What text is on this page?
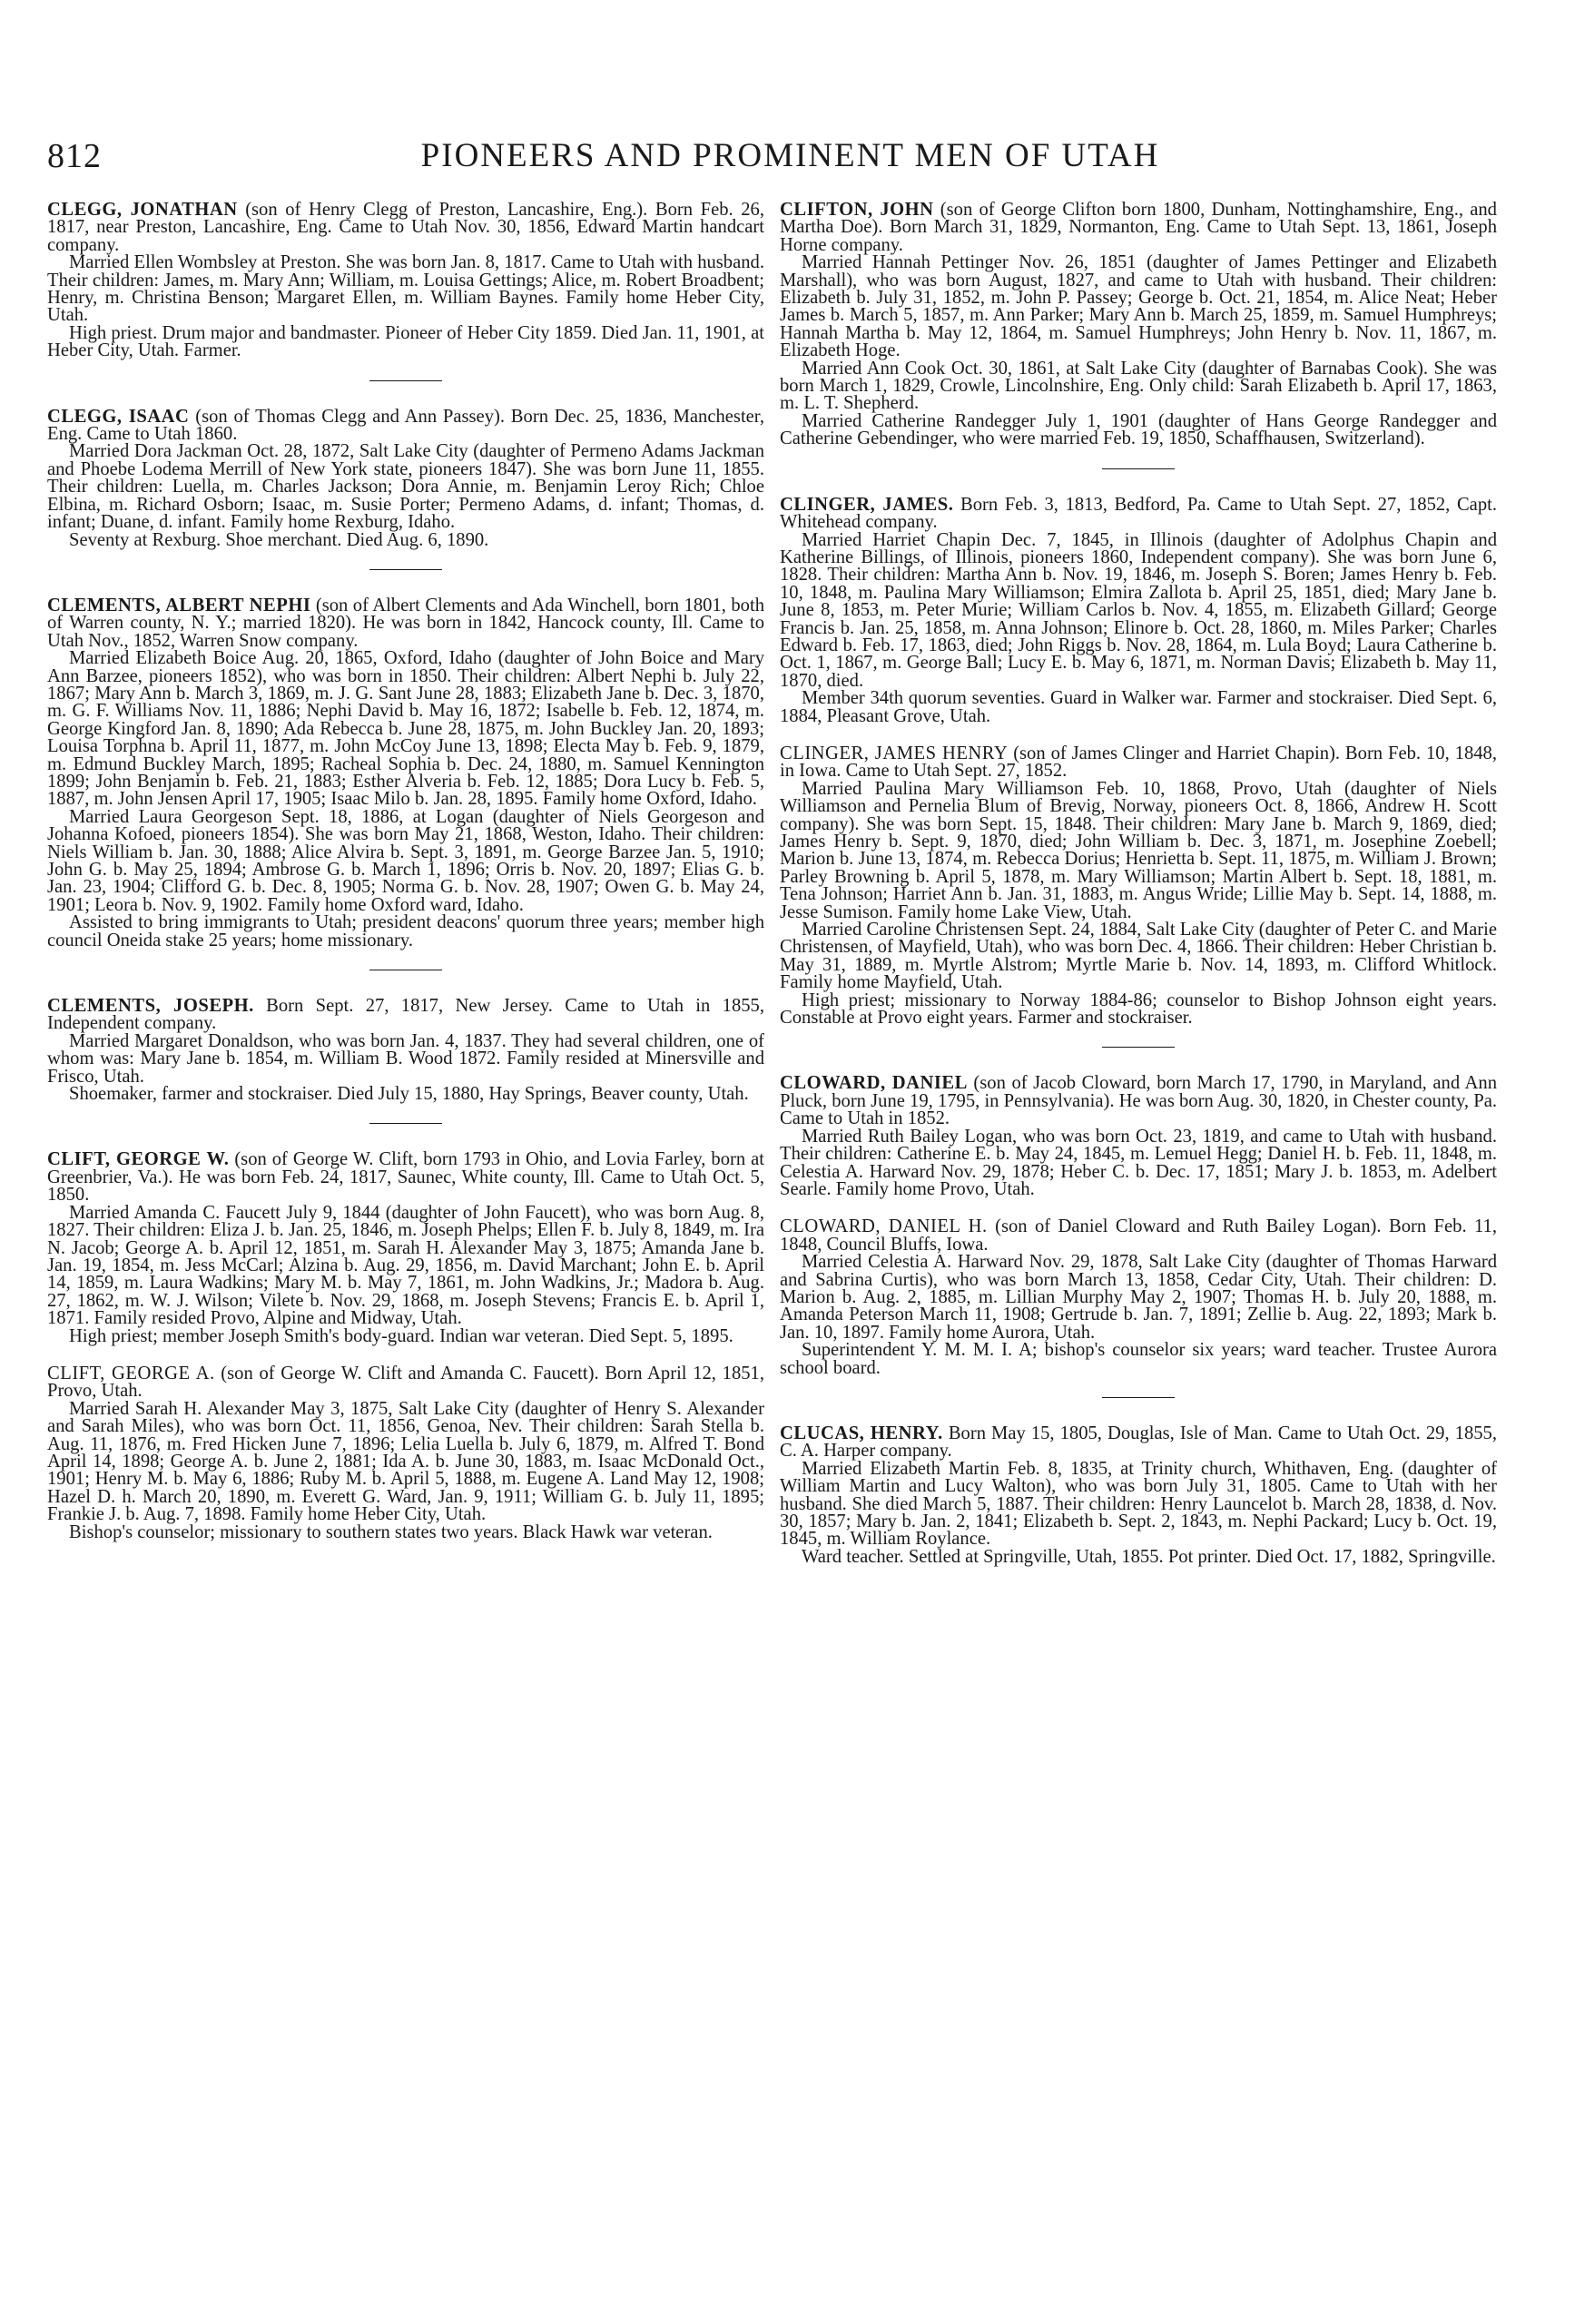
812	PIONEERS AND PROMINENT MEN OF UTAH

CLEGG, JONATHAN (son of Henry Clegg of Preston, Lancashire, Eng.). Born Feb. 26, 1817, near Preston, Lancashire, Eng. Came to Utah Nov. 30, 1856, Edward Martin handcart company.

Married Ellen Wombsley at Preston. She was born Jan. 8, 1817. Came to Utah with husband. Their children: James, m. Mary Ann; William, m. Louisa Gettings; Alice, m. Robert Broadbent; Henry, m. Christina Benson; Margaret Ellen, m. William Baynes. Family home Heber City, Utah.

High priest. Drum major and bandmaster. Pioneer of Heber City 1859. Died Jan. 11, 1901, at Heber City, Utah. Farmer.

CLEGG, ISAAC (son of Thomas Clegg and Ann Passey). Born Dec. 25, 1836, Manchester, Eng. Came to Utah 1860.

Married Dora Jackman Oct. 28, 1872, Salt Lake City (daughter of Permeno Adams Jackman and Phoebe Lodema Merrill of New York state, pioneers 1847). She was born June 11, 1855. Their children: Luella, m. Charles Jackson; Dora Annie, m. Benjamin Leroy Rich; Chloe Elbina, m. Richard Osborn; Isaac, m. Susie Porter; Permeno Adams, d. infant; Thomas, d. infant; Duane, d. infant. Family home Rexburg, Idaho.

Seventy at Rexburg. Shoe merchant. Died Aug. 6, 1890.

CLEMENTS, ALBERT NEPHI (son of Albert Clements and Ada Winchell, born 1801, both of Warren county, N. Y.; married 1820). He was born in 1842, Hancock county, Ill. Came to Utah Nov., 1852, Warren Snow company.

Married Elizabeth Boice Aug. 20, 1865, Oxford, Idaho (daughter of John Boice and Mary Ann Barzee, pioneers 1852), who was born in 1850. Their children: Albert Nephi b. July 22, 1867; Mary Ann b. March 3, 1869, m. J. G. Sant June 28, 1883; Elizabeth Jane b. Dec. 3, 1870, m. G. F. Williams Nov. 11, 1886; Nephi David b. May 16, 1872; Isabelle b. Feb. 12, 1874, m. George Kingford Jan. 8, 1890; Ada Rebecca b. June 28, 1875, m. John Buckley Jan. 20, 1893; Louisa Torphna b. April 11, 1877, m. John McCoy June 13, 1898; Electa May b. Feb. 9, 1879, m. Edmund Buckley March, 1895; Racheal Sophia b. Dec. 24, 1880, m. Samuel Kennington 1899; John Benjamin b. Feb. 21, 1883; Esther Alveria b. Feb. 12, 1885; Dora Lucy b. Feb. 5, 1887, m. John Jensen April 17, 1905; Isaac Milo b. Jan. 28, 1895. Family home Oxford, Idaho.

Married Laura Georgeson Sept. 18, 1886, at Logan (daughter of Niels Georgeson and Johanna Kofoed, pioneers 1854). She was born May 21, 1868, Weston, Idaho. Their children: Niels William b. Jan. 30, 1888; Alice Alvira b. Sept. 3, 1891, m. George Barzee Jan. 5, 1910; John G. b. May 25, 1894; Ambrose G. b. March 1, 1896; Orris b. Nov. 20, 1897; Elias G. b. Jan. 23, 1904; Clifford G. b. Dec. 8, 1905; Norma G. b. Nov. 28, 1907; Owen G. b. May 24, 1901; Leora b. Nov. 9, 1902. Family home Oxford ward, Idaho.

Assisted to bring immigrants to Utah; president deacons' quorum three years; member high council Oneida stake 25 years; home missionary.

CLEMENTS, JOSEPH. Born Sept. 27, 1817, New Jersey. Came to Utah in 1855, Independent company.

Married Margaret Donaldson, who was born Jan. 4, 1837. They had several children, one of whom was: Mary Jane b. 1854, m. William B. Wood 1872. Family resided at Minersville and Frisco, Utah.

Shoemaker, farmer and stockraiser. Died July 15, 1880, Hay Springs, Beaver county, Utah.

CLIFT, GEORGE W. (son of George W. Clift, born 1793 in Ohio, and Lovia Farley, born at Greenbrier, Va.). He was born Feb. 24, 1817, Saunec, White county, Ill. Came to Utah Oct. 5, 1850.

Married Amanda C. Faucett July 9, 1844 (daughter of John Faucett), who was born Aug. 8, 1827. Their children: Eliza J. b. Jan. 25, 1846, m. Joseph Phelps; Ellen F. b. July 8, 1849, m. Ira N. Jacob; George A. b. April 12, 1851, m. Sarah H. Alexander May 3, 1875; Amanda Jane b. Jan. 19, 1854, m. Jess McCarl; Alzina b. Aug. 29, 1856, m. David Marchant; John E. b. April 14, 1859, m. Laura Wadkins; Mary M. b. May 7, 1861, m. John Wadkins, Jr.; Madora b. Aug. 27, 1862, m. W. J. Wilson; Vilete b. Nov. 29, 1868, m. Joseph Stevens; Francis E. b. April 1, 1871. Family resided Provo, Alpine and Midway, Utah.

High priest; member Joseph Smith's body-guard. Indian war veteran. Died Sept. 5, 1895.

CLIFT, GEORGE A. (son of George W. Clift and Amanda C. Faucett). Born April 12, 1851, Provo, Utah.

Married Sarah H. Alexander May 3, 1875, Salt Lake City (daughter of Henry S. Alexander and Sarah Miles), who was born Oct. 11, 1856, Genoa, Nev. Their children: Sarah Stella b. Aug. 11, 1876, m. Fred Hicken June 7, 1896; Lelia Luella b. July 6, 1879, m. Alfred T. Bond April 14, 1898; George A. b. June 2, 1881; Ida A. b. June 30, 1883, m. Isaac McDonald Oct., 1901; Henry M. b. May 6, 1886; Ruby M. b. April 5, 1888, m. Eugene A. Land May 12, 1908; Hazel D. h. March 20, 1890, m. Everett G. Ward, Jan. 9, 1911; William G. b. July 11, 1895; Frankie J. b. Aug. 7, 1898. Family home Heber City, Utah.

Bishop's counselor; missionary to southern states two years. Black Hawk war veteran.

CLIFTON, JOHN (son of George Clifton born 1800, Dunham, Nottinghamshire, Eng., and Martha Doe). Born March 31, 1829, Normanton, Eng. Came to Utah Sept. 13, 1861, Joseph Horne company.

Married Hannah Pettinger Nov. 26, 1851 (daughter of James Pettinger and Elizabeth Marshall), who was born August, 1827, and came to Utah with husband. Their children: Elizabeth b. July 31, 1852, m. John P. Passey; George b. Oct. 21, 1854, m. Alice Neat; Heber James b. March 5, 1857, m. Ann Parker; Mary Ann b. March 25, 1859, m. Samuel Humphreys; Hannah Martha b. May 12, 1864, m. Samuel Humphreys; John Henry b. Nov. 11, 1867, m. Elizabeth Hoge.

Married Ann Cook Oct. 30, 1861, at Salt Lake City (daughter of Barnabas Cook). She was born March 1, 1829, Crowle, Lincolnshire, Eng. Only child: Sarah Elizabeth b. April 17, 1863, m. L. T. Shepherd.

Married Catherine Randegger July 1, 1901 (daughter of Hans George Randegger and Catherine Gebendinger, who were married Feb. 19, 1850, Schaffhausen, Switzerland).

CLINGER, JAMES. Born Feb. 3, 1813, Bedford, Pa. Came to Utah Sept. 27, 1852, Capt. Whitehead company.

Married Harriet Chapin Dec. 7, 1845, in Illinois (daughter of Adolphus Chapin and Katherine Billings, of Illinois, pioneers 1860, Independent company). She was born June 6, 1828. Their children: Martha Ann b. Nov. 19, 1846, m. Joseph S. Boren; James Henry b. Feb. 10, 1848, m. Paulina Mary Williamson; Elmira Zallota b. April 25, 1851, died; Mary Jane b. June 8, 1853, m. Peter Murie; William Carlos b. Nov. 4, 1855, m. Elizabeth Gillard; George Francis b. Jan. 25, 1858, m. Anna Johnson; Elinore b. Oct. 28, 1860, m. Miles Parker; Charles Edward b. Feb. 17, 1863, died; John Riggs b. Nov. 28, 1864, m. Lula Boyd; Laura Catherine b. Oct. 1, 1867, m. George Ball; Lucy E. b. May 6, 1871, m. Norman Davis; Elizabeth b. May 11, 1870, died.

Member 34th quorum seventies. Guard in Walker war. Farmer and stockraiser. Died Sept. 6, 1884, Pleasant Grove, Utah.

CLINGER, JAMES HENRY (son of James Clinger and Harriet Chapin). Born Feb. 10, 1848, in Iowa. Came to Utah Sept. 27, 1852.

Married Paulina Mary Williamson Feb. 10, 1868, Provo, Utah (daughter of Niels Williamson and Pernelia Blum of Brevig, Norway, pioneers Oct. 8, 1866, Andrew H. Scott company). She was born Sept. 15, 1848. Their children: Mary Jane b. March 9, 1869, died; James Henry b. Sept. 9, 1870, died; John William b. Dec. 3, 1871, m. Josephine Zoebell; Marion b. June 13, 1874, m. Rebecca Dorius; Henrietta b. Sept. 11, 1875, m. William J. Brown; Parley Browning b. April 5, 1878, m. Mary Williamson; Martin Albert b. Sept. 18, 1881, m. Tena Johnson; Harriet Ann b. Jan. 31, 1883, m. Angus Wride; Lillie May b. Sept. 14, 1888, m. Jesse Sumison. Family home Lake View, Utah.

Married Caroline Christensen Sept. 24, 1884, Salt Lake City (daughter of Peter C. and Marie Christensen, of Mayfield, Utah), who was born Dec. 4, 1866. Their children: Heber Christian b. May 31, 1889, m. Myrtle Alstrom; Myrtle Marie b. Nov. 14, 1893, m. Clifford Whitlock. Family home Mayfield, Utah.

High priest; missionary to Norway 1884-86; counselor to Bishop Johnson eight years. Constable at Provo eight years. Farmer and stockraiser.

CLOWARD, DANIEL (son of Jacob Cloward, born March 17, 1790, in Maryland, and Ann Pluck, born June 19, 1795, in Pennsylvania). He was born Aug. 30, 1820, in Chester county, Pa. Came to Utah in 1852.

Married Ruth Bailey Logan, who was born Oct. 23, 1819, and came to Utah with husband. Their children: Catherine E. b. May 24, 1845, m. Lemuel Hegg; Daniel H. b. Feb. 11, 1848, m. Celestia A. Harward Nov. 29, 1878; Heber C. b. Dec. 17, 1851; Mary J. b. 1853, m. Adelbert Searle. Family home Provo, Utah.

CLOWARD, DANIEL H. (son of Daniel Cloward and Ruth Bailey Logan). Born Feb. 11, 1848, Council Bluffs, Iowa.

Married Celestia A. Harward Nov. 29, 1878, Salt Lake City (daughter of Thomas Harward and Sabrina Curtis), who was born March 13, 1858, Cedar City, Utah. Their children: D. Marion b. Aug. 2, 1885, m. Lillian Murphy May 2, 1907; Thomas H. b. July 20, 1888, m. Amanda Peterson March 11, 1908; Gertrude b. Jan. 7, 1891; Zellie b. Aug. 22, 1893; Mark b. Jan. 10, 1897. Family home Aurora, Utah.

Superintendent Y. M. M. I. A; bishop's counselor six years; ward teacher. Trustee Aurora school board.

CLUCAS, HENRY. Born May 15, 1805, Douglas, Isle of Man. Came to Utah Oct. 29, 1855, C. A. Harper company.

Married Elizabeth Martin Feb. 8, 1835, at Trinity church, Whithaven, Eng. (daughter of William Martin and Lucy Walton), who was born July 31, 1805. Came to Utah with her husband. She died March 5, 1887. Their children: Henry Launcelot b. March 28, 1838, d. Nov. 30, 1857; Mary b. Jan. 2, 1841; Elizabeth b. Sept. 2, 1843, m. Nephi Packard; Lucy b. Oct. 19, 1845, m. William Roylance.

Ward teacher. Settled at Springville, Utah, 1855. Pot printer. Died Oct. 17, 1882, Springville.
